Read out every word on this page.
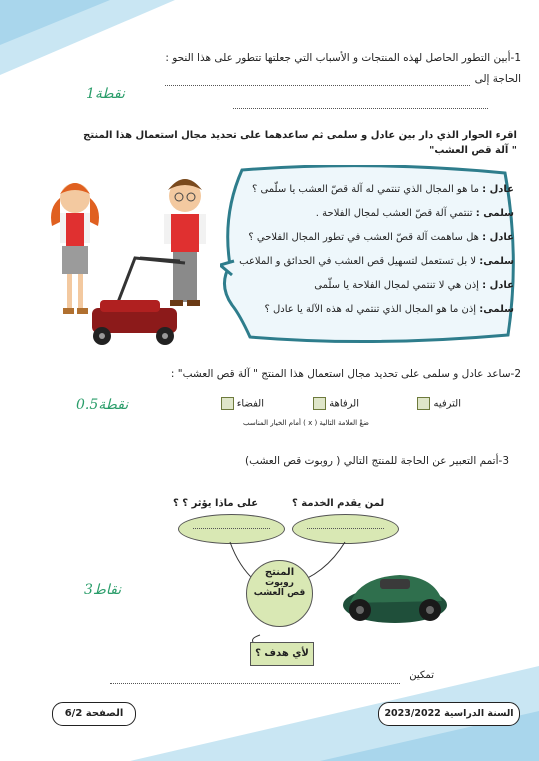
1-أبين التطور الحاصل لهذه المنتجات و الأسباب التي جعلتها تتطور على هذا النحو :
الحاجة إلى
1نقطة
اقرء الحوار الذي دار بين عادل و سلمى ثم ساعدهما على تحديد مجال استعمال هذا المنتج
" آلة قص العشب"

عادل : ما هو المجال الذي تنتمي له آلة قصّ العشب يا سلّمى ؟

سلمى : تنتمي آلة قصّ العشب لمجال الفلاحة .

عادل : هل ساهمت آلة قصّ العشب في تطور المجال الفلاحي ؟

سلمى: لا بل تستعمل لتسهيل قص العشب في الحدائق و الملاعب

عادل : إذن هي لا تنتمي لمجال الفلاحة يا سلّمى

سلمى: إذن ما هو المجال الذي تنتمي له هذه الآلة يا عادل ؟

2-ساعد عادل و سلمى على تحديد مجال استعمال هذا المنتج " آلة قص العشب" :
0.5نقطة	الترفيه
الرفاهة
الفضاء
ضعْ العلامة التالية ( x ) أمام الخيار المناسب
3-أتمم التعبير عن الحاجة للمنتج التالي ( روبوت قص العشب)
لمن يقدم الخدمة ؟
على ماذا يؤثر ؟ ؟
المنتج
روبوت
قص العشب
لأي هدف ؟
3نقاط
تمكين
الصفحة 6/2	السنة الدراسية 2023/2022
